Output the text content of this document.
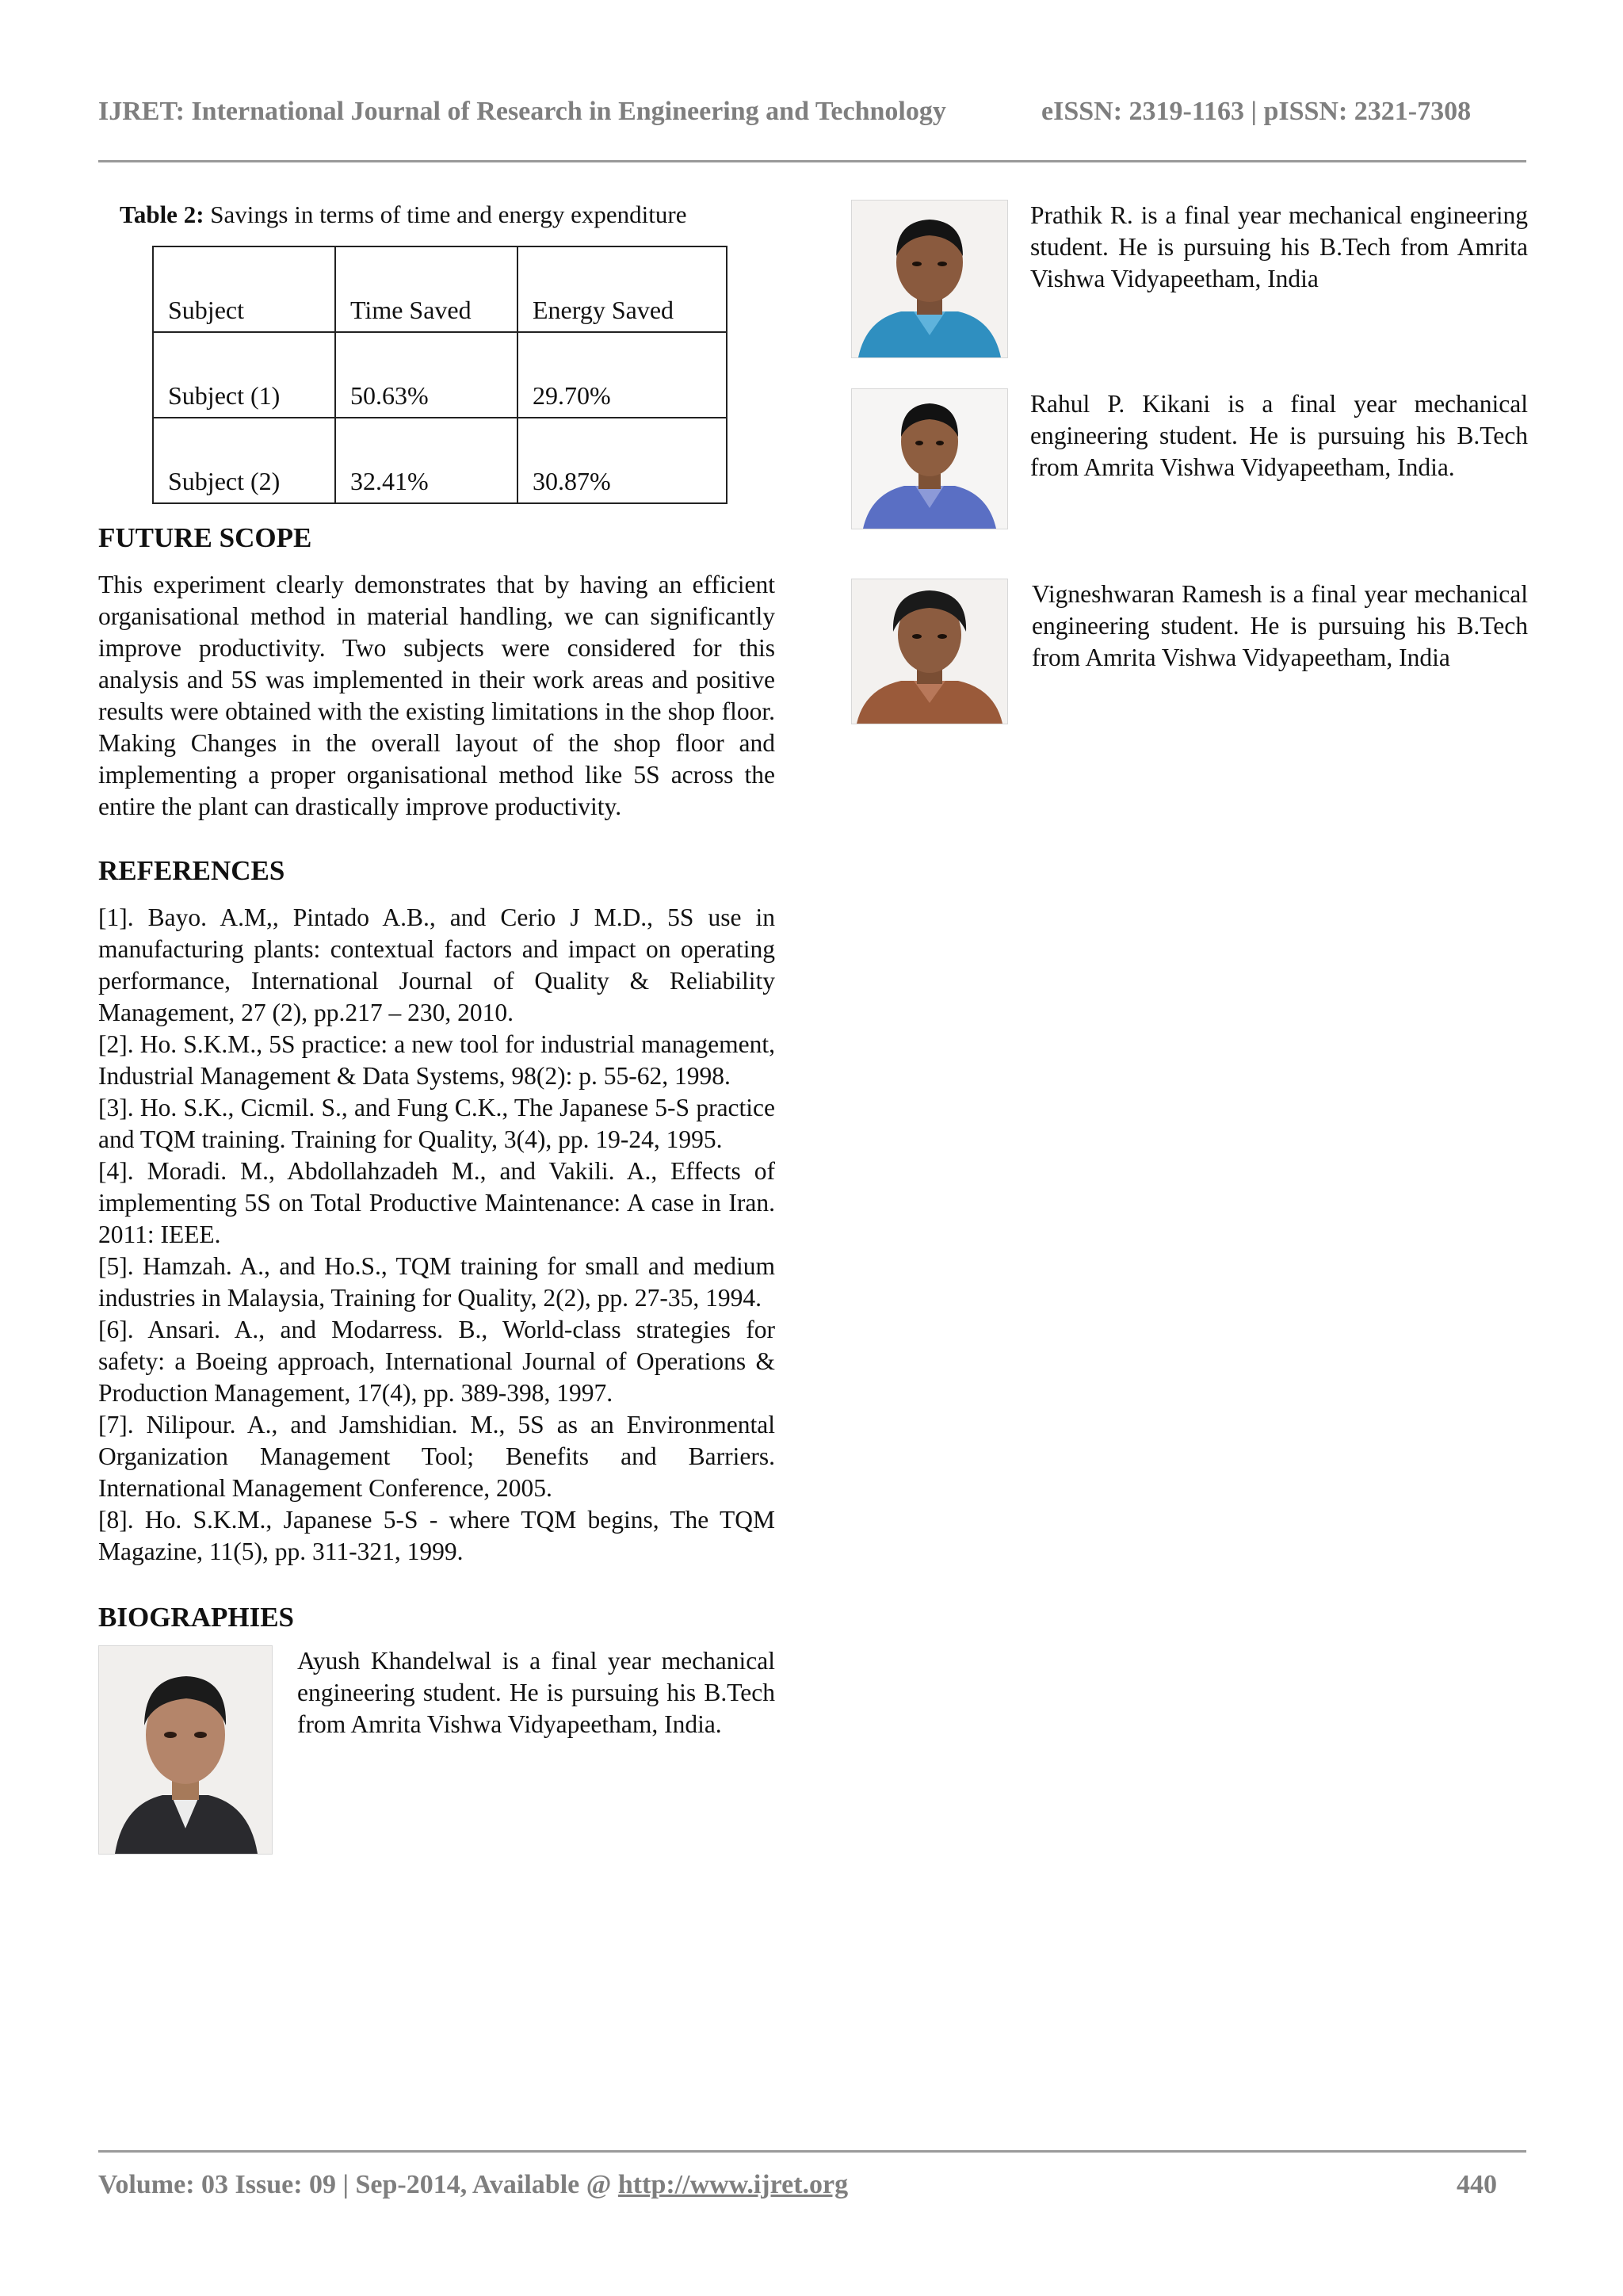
IJRET: International Journal of Research in Engineering and Technology	eISSN: 2319-1163 | pISSN: 2321-7308
Table 2: Savings in terms of time and energy expenditure
Subject	Time Saved	Energy Saved
Subject (1)	50.63%	29.70%
Subject (2)	32.41%	30.87%
FUTURE SCOPE

This experiment clearly demonstrates that by having an efficient organisational method in material handling, we can significantly improve productivity. Two subjects were considered for this analysis and 5S was implemented in their work areas and positive results were obtained with the existing limitations in the shop floor. Making Changes in the overall layout of the shop floor and implementing a proper organisational method like 5S across the entire the plant can drastically improve productivity.

REFERENCES
[1]. Bayo. A.M,, Pintado A.B., and Cerio J M.D., 5S use in manufacturing plants: contextual factors and impact on operating performance, International Journal of Quality & Reliability Management, 27 (2), pp.217 – 230, 2010.
[2]. Ho. S.K.M., 5S practice: a new tool for industrial management, Industrial Management & Data Systems, 98(2): p. 55-62, 1998.
[3]. Ho. S.K., Cicmil. S., and Fung C.K., The Japanese 5-S practice and TQM training. Training for Quality, 3(4), pp. 19-24, 1995.
[4]. Moradi. M., Abdollahzadeh M., and Vakili. A., Effects of implementing 5S on Total Productive Maintenance: A case in Iran. 2011: IEEE.
[5]. Hamzah. A., and Ho.S., TQM training for small and medium industries in Malaysia, Training for Quality, 2(2), pp. 27-35, 1994.
[6]. Ansari. A., and Modarress. B., World-class strategies for safety: a Boeing approach, International Journal of Operations & Production Management, 17(4), pp. 389-398, 1997.
[7]. Nilipour. A., and Jamshidian. M., 5S as an Environmental Organization Management Tool; Benefits and Barriers. International Management Conference, 2005.
[8]. Ho. S.K.M., Japanese 5-S - where TQM begins, The TQM Magazine, 11(5), pp. 311-321, 1999.
BIOGRAPHIES
Ayush Khandelwal is a final year mechanical engineering student. He is pursuing his B.Tech from Amrita Vishwa Vidyapeetham, India.
Prathik R. is a final year mechanical engineering student. He is pursuing his B.Tech from Amrita Vishwa Vidyapeetham, India
Rahul P. Kikani is a final year mechanical engineering student. He is pursuing his B.Tech from Amrita Vishwa Vidyapeetham, India.
Vigneshwaran Ramesh is a final year mechanical engineering student. He is pursuing his B.Tech from Amrita Vishwa Vidyapeetham, India
Volume: 03 Issue: 09 | Sep-2014, Available @ http://www.ijret.org	440
